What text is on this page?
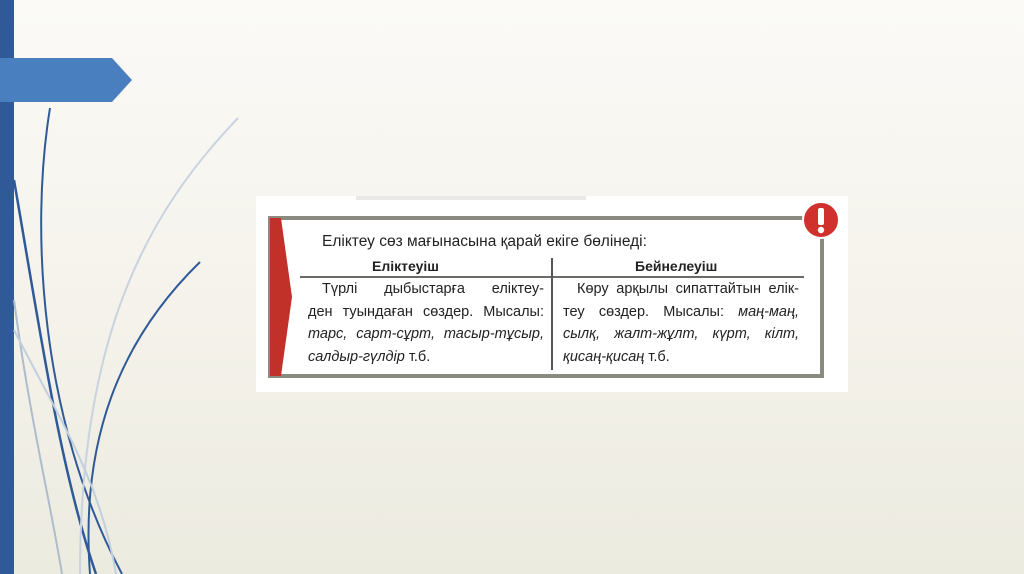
Еліктеу сөз мағынасына қарай екіге бөлінеді:
Еліктеуіш	Бейнелеуіш
Түрлі дыбыстарға еліктеу-
ден туындаған сөздер. Мысалы:
тарс, сарт-сұрт, тасыр-тұсыр,
салдыр-гүлдір т.б.
Көру арқылы сипаттайтын елік-
теу сөздер. Мысалы: маң-маң,
сылқ, жалт-жұлт, күрт, кілт,
қисаң-қисаң т.б.
